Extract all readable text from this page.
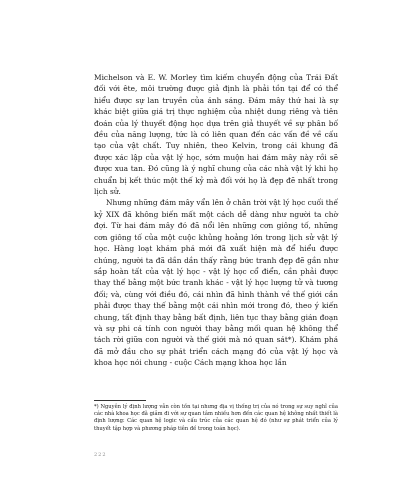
Michelson và E. W. Morley tìm kiếm chuyển động của Trái Đất đối với ête, môi trường được giả định là phải tồn tại để có thể hiểu được sự lan truyền của ánh sáng. Đám mây thứ hai là sự khác biệt giữa giá trị thực nghiệm của nhiệt dung riêng và tiên đoán của lý thuyết động học dựa trên giả thuyết về sự phân bố đều của năng lượng, tức là có liên quan đến các vấn đề về cấu tạo của vật chất. Tuy nhiên, theo Kelvin, trong cái khung đã được xác lập của vật lý học, sớm muộn hai đám mây này rồi sẽ được xua tan. Đó cũng là ý nghĩ chung của các nhà vật lý khi họ chuẩn bị kết thúc một thế kỷ mà đối với họ là đẹp đẽ nhất trong lịch sử.

Nhưng những đám mây vẩn lên ở chân trời vật lý học cuối thế kỷ XIX đã không biến mất một cách dễ dàng như người ta chờ đợi. Từ hai đám mây đó đã nổi lên những cơn giông tố, những cơn giông tố của một cuộc khủng hoảng lớn trong lịch sử vật lý học. Hàng loạt khám phá mới đã xuất hiện mà để hiểu được chúng, người ta đã dần dần thấy rằng bức tranh đẹp đẽ gần như sắp hoàn tất của vật lý học - vật lý học cổ điển, cần phải được thay thế bằng một bức tranh khác - vật lý học lượng tử và tương đối; và, cùng với điều đó, cái nhìn đã hình thành về thế giới cần phải được thay thế bằng một cái nhìn mới trong đó, theo ý kiến chung, tất định thay bằng bất định, liên tục thay bằng gián đoạn và sự phi cá tính con người thay bằng mối quan hệ không thể tách rời giữa con người và thế giới mà nó quan sát*). Khám phá đã mở đầu cho sự phát triển cách mạng đó của vật lý học và khoa học nói chung - cuộc Cách mạng khoa học lần

*) Nguyên lý định lượng vẫn còn tồn tại nhưng địa vị thống trị của nó trong sự suy nghĩ của các nhà khoa học đã giảm đi với sự quan tâm nhiều hơn đến các quan hệ không nhất thiết là định lượng: Các quan hệ logic và cấu trúc của các quan hệ đó (như sự phát triển của lý thuyết tập hợp và phương pháp tiên đề trong toán học).

222
